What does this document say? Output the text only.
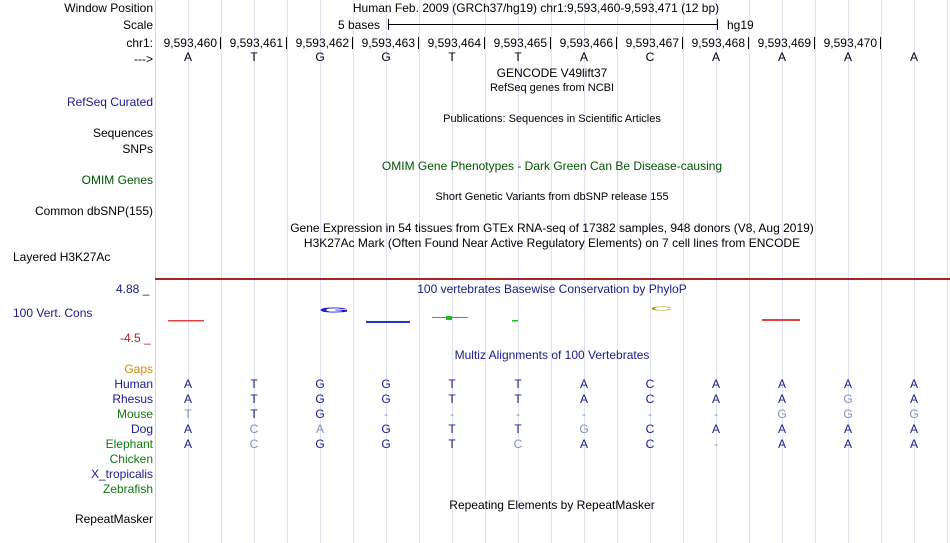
Window Position
Scale
chr1:
--->
RefSeq Curated
Sequences
SNPs
OMIM Genes
Common dbSNP(155)
Layered H3K27Ac
4.88 _
100 Vert. Cons
-4.5 _
Gaps
RepeatMasker
Human Feb. 2009 (GRCh37/hg19) chr1:9,593,460-9,593,471 (12 bp)
5 bases	hg19
9,593,460 9,593,461 9,593,462 9,593,463 9,593,464 9,593,465 9,593,466 9,593,467 9,593,468 9,593,469 9,593,470
A	T	G	G	T	T	A	C	A	A	A	A
GENCODE V49lift37
RefSeq genes from NCBI
Publications: Sequences in Scientific Articles
OMIM Gene Phenotypes - Dark Green Can Be Disease-causing
Short Genetic Variants from dbSNP release 155
Gene Expression in 54 tissues from GTEx RNA-seq of 17382 samples, 948 donors (V8, Aug 2019)
H3K27Ac Mark (Often Found Near Active Regulatory Elements) on 7 cell lines from ENCODE
100 vertebrates Basewise Conservation by PhyloP
G	C
Multiz Alignments of 100 Vertebrates
Human	A	T	G	G	T	T	A	C	A	A	A	A
Rhesus	A	T	G	G	T	T	A	C	A	A	G	A
Mouse	T	T	G	-	-	-	-	-	-	G	G	G
Dog	A	C	A	G	T	T	G	C	A	A	A	A
Elephant	A	C	G	G	T	C	A	C	-	A	A	A
Chicken
X_tropicalis
Zebrafish
Repeating Elements by RepeatMasker
